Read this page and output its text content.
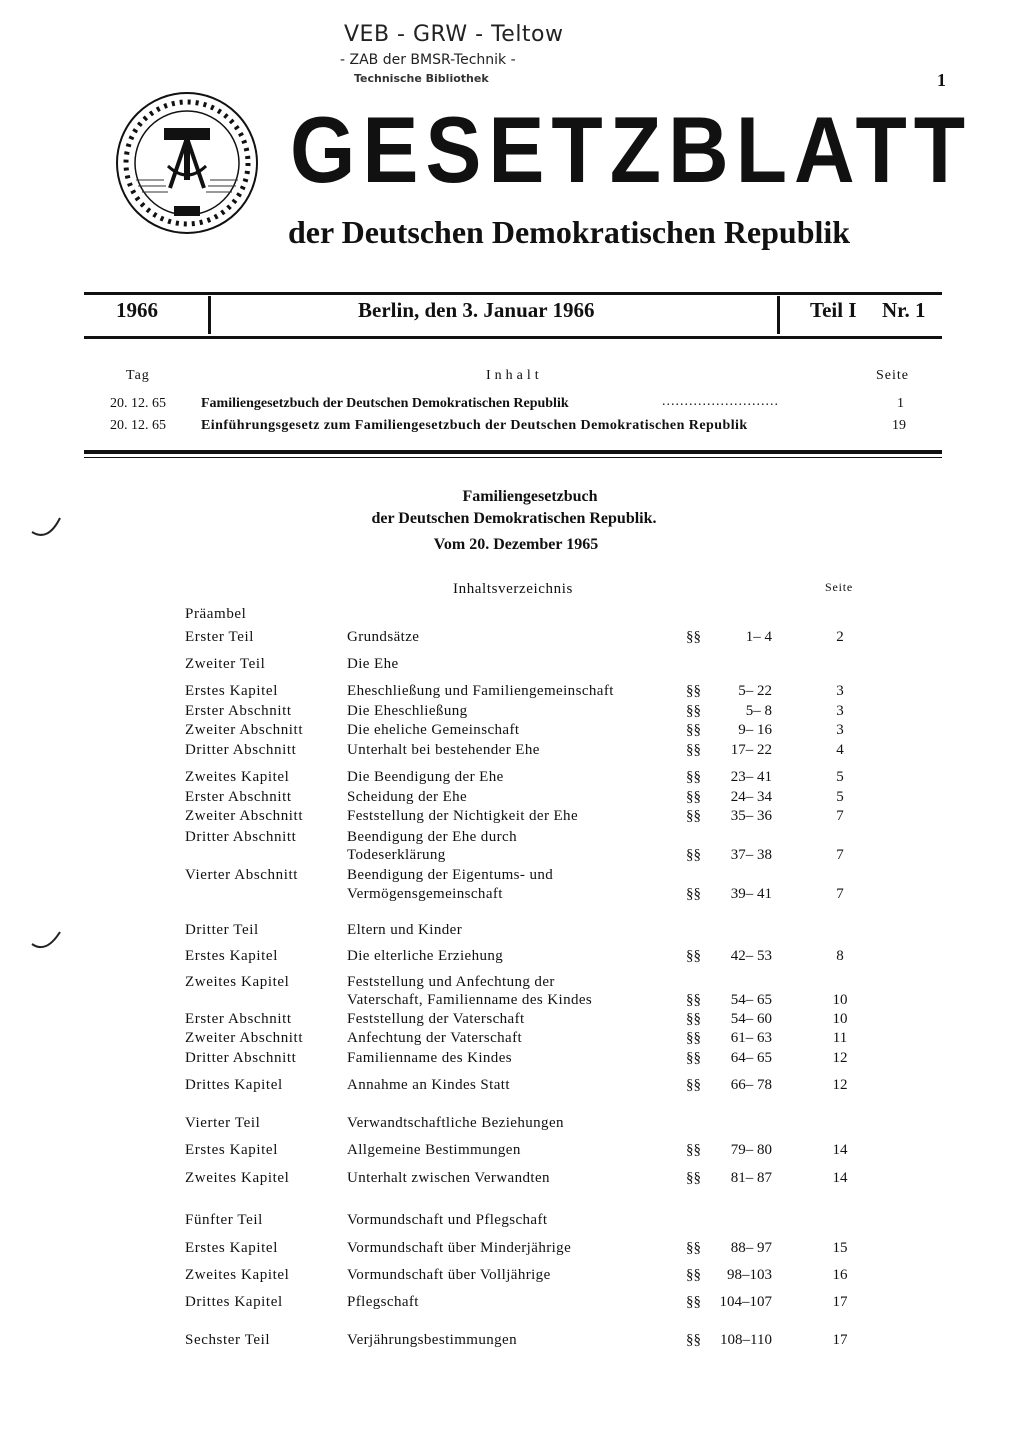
VEB - GRW - Teltow
- ZAB der BMSR-Technik -
Technische Bibliothek	1
GESETZBLATT
der Deutschen Demokratischen Republik
1966	Berlin, den 3. Januar 1966	Teil I Nr. 1
Tag	Inhalt	Seite
20. 12. 65	Familiengesetzbuch der Deutschen Demokratischen Republik	..........................	1
20. 12. 65	Einführungsgesetz zum Familiengesetzbuch der Deutschen Demokratischen Republik	19
Familiengesetzbuch
der Deutschen Demokratischen Republik.
Vom 20. Dezember 1965
Inhaltsverzeichnis	Seite
Präambel
Erster Teil	Grundsätze	§§	1– 4	2
Zweiter Teil	Die Ehe
Erstes Kapitel	Eheschließung und Familiengemeinschaft	§§ 5– 22	3
Erster Abschnitt	Die Eheschließung	§§	5– 8	3
Zweiter Abschnitt	Die eheliche Gemeinschaft	§§ 9– 16	3
Dritter Abschnitt	Unterhalt bei bestehender Ehe	§§ 17– 22	4
Zweites Kapitel	Die Beendigung der Ehe	§§ 23– 41	5
Erster Abschnitt	Scheidung der Ehe	§§ 24– 34	5
Zweiter Abschnitt	Feststellung der Nichtigkeit der Ehe	§§ 35– 36	7
Dritter Abschnitt	Beendigung der Ehe durch
Todeserklärung	§§ 37– 38	7
Vierter Abschnitt	Beendigung der Eigentums- und
Vermögensgemeinschaft	§§ 39– 41	7
Dritter Teil	Eltern und Kinder
Erstes Kapitel	Die elterliche Erziehung	§§ 42– 53	8
Zweites Kapitel	Feststellung und Anfechtung der
Vaterschaft, Familienname des Kindes	§§ 54– 65	10
Erster Abschnitt	Feststellung der Vaterschaft	§§ 54– 60	10
Zweiter Abschnitt	Anfechtung der Vaterschaft	§§ 61– 63	11
Dritter Abschnitt	Familienname des Kindes	§§ 64– 65	12
Drittes Kapitel	Annahme an Kindes Statt	§§ 66– 78	12
Vierter Teil	Verwandtschaftliche Beziehungen
Erstes Kapitel	Allgemeine Bestimmungen	§§ 79– 80	14
Zweites Kapitel	Unterhalt zwischen Verwandten	§§ 81– 87	14
Fünfter Teil	Vormundschaft und Pflegschaft
Erstes Kapitel	Vormundschaft über Minderjährige	§§ 88– 97	15
Zweites Kapitel	Vormundschaft über Volljährige	§§ 98–103	16
Drittes Kapitel	Pflegschaft	§§ 104–107	17
Sechster Teil	Verjährungsbestimmungen	§§ 108–110	17
